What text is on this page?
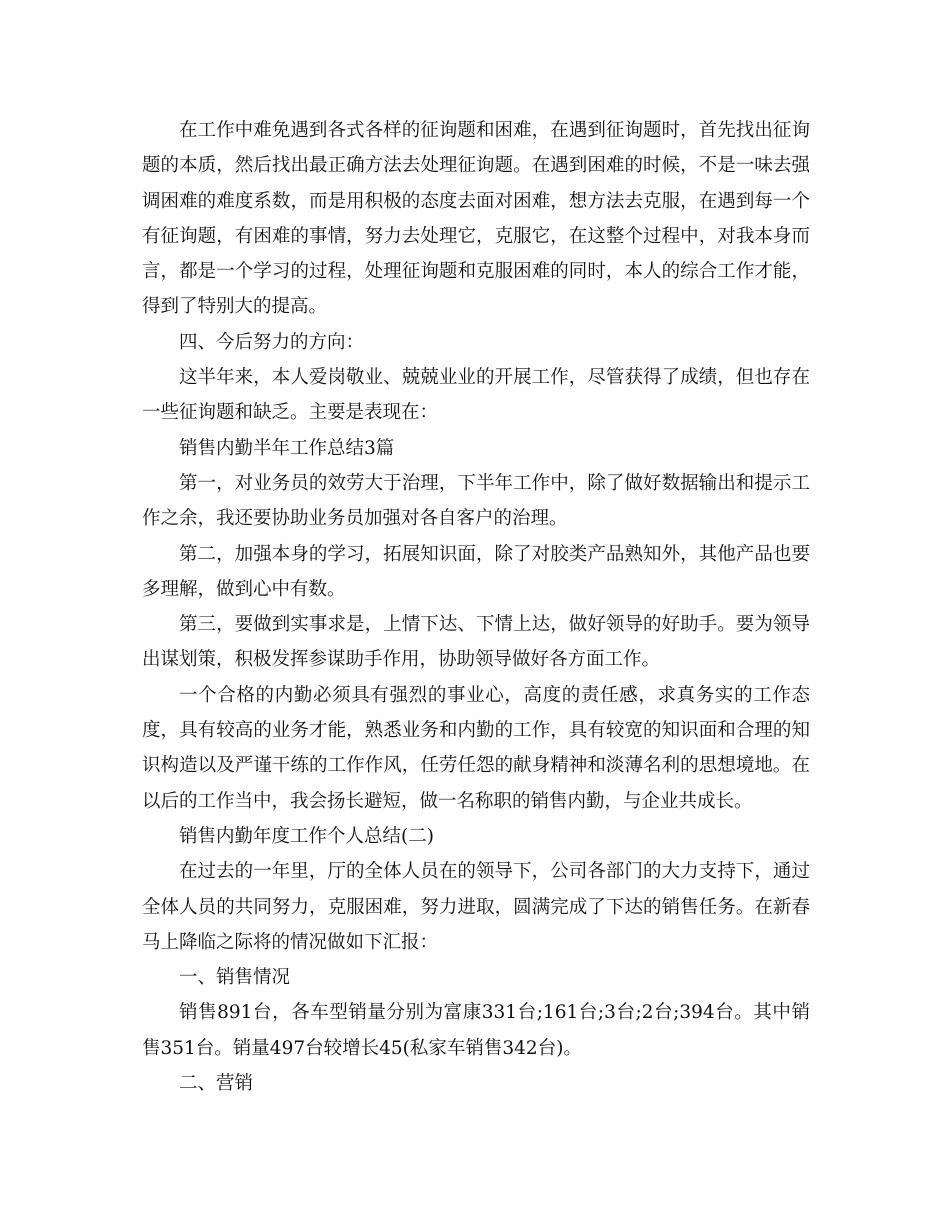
在工作中难免遇到各式各样的征询题和困难，在遇到征询题时，首先找出征询题的本质，然后找出最正确方法去处理征询题。在遇到困难的时候，不是一味去强调困难的难度系数，而是用积极的态度去面对困难，想方法去克服，在遇到每一个有征询题，有困难的事情，努力去处理它，克服它，在这整个过程中，对我本身而言，都是一个学习的过程，处理征询题和克服困难的同时，本人的综合工作才能，得到了特别大的提高。

四、今后努力的方向：

这半年来，本人爱岗敬业、兢兢业业的开展工作，尽管获得了成绩，但也存在一些征询题和缺乏。主要是表现在：

销售内勤半年工作总结3篇

第一，对业务员的效劳大于治理，下半年工作中，除了做好数据输出和提示工作之余，我还要协助业务员加强对各自客户的治理。

第二，加强本身的学习，拓展知识面，除了对胶类产品熟知外，其他产品也要多理解，做到心中有数。

第三，要做到实事求是，上情下达、下情上达，做好领导的好助手。要为领导出谋划策，积极发挥参谋助手作用，协助领导做好各方面工作。

一个合格的内勤必须具有强烈的事业心，高度的责任感，求真务实的工作态度，具有较高的业务才能，熟悉业务和内勤的工作，具有较宽的知识面和合理的知识构造以及严谨干练的工作作风，任劳任怨的献身精神和淡薄名利的思想境地。在以后的工作当中，我会扬长避短，做一名称职的销售内勤，与企业共成长。

销售内勤年度工作个人总结(二)

在过去的一年里，厅的全体人员在的领导下，公司各部门的大力支持下，通过全体人员的共同努力，克服困难，努力进取，圆满完成了下达的销售任务。在新春马上降临之际将的情况做如下汇报：

一、销售情况

销售891台，各车型销量分别为富康331台;161台;3台;2台;394台。其中销售351台。销量497台较增长45(私家车销售342台)。

二、营销
